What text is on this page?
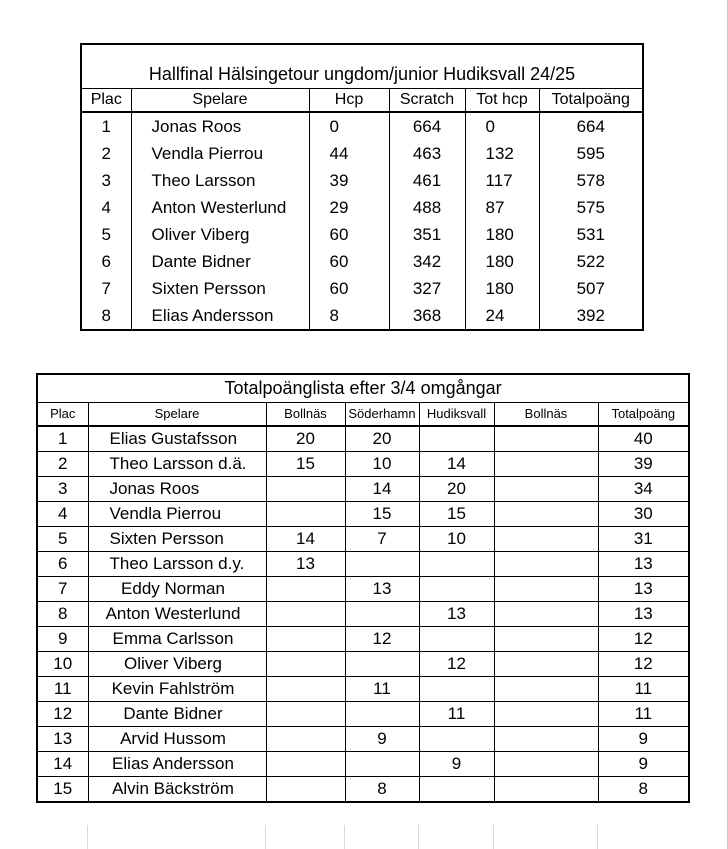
Hallfinal Hälsingetour ungdom/junior Hudiksvall 24/25					
Plac	Spelare	Hcp	Scratch	Tot hcp	Totalpoäng
1	Jonas Roos	0	664	0	664
2	Vendla Pierrou	44	463	132	595
3	Theo Larsson	39	461	117	578
4	Anton Westerlund	29	488	87	575
5	Oliver Viberg	60	351	180	531
6	Dante Bidner	60	342	180	522
7	Sixten Persson	60	327	180	507
8	Elias Andersson	8	368	24	392
Totalpoänglista efter 3/4 omgångar						
Plac	Spelare	Bollnäs	Söderhamn	Hudiksvall	Bollnäs	Totalpoäng
1	Elias Gustafsson	20	20			40
2	Theo Larsson d.ä.	15	10	14		39
3	Jonas Roos		14	20		34
4	Vendla Pierrou		15	15		30
5	Sixten Persson	14	7	10		31
6	Theo Larsson d.y.	13				13
7	Eddy Norman		13			13
8	Anton Westerlund			13		13
9	Emma Carlsson		12			12
10	Oliver Viberg			12		12
11	Kevin Fahlström		11			11
12	Dante Bidner			11		11
13	Arvid Hussom		9			9
14	Elias Andersson			9		9
15	Alvin Bäckström		8			8
